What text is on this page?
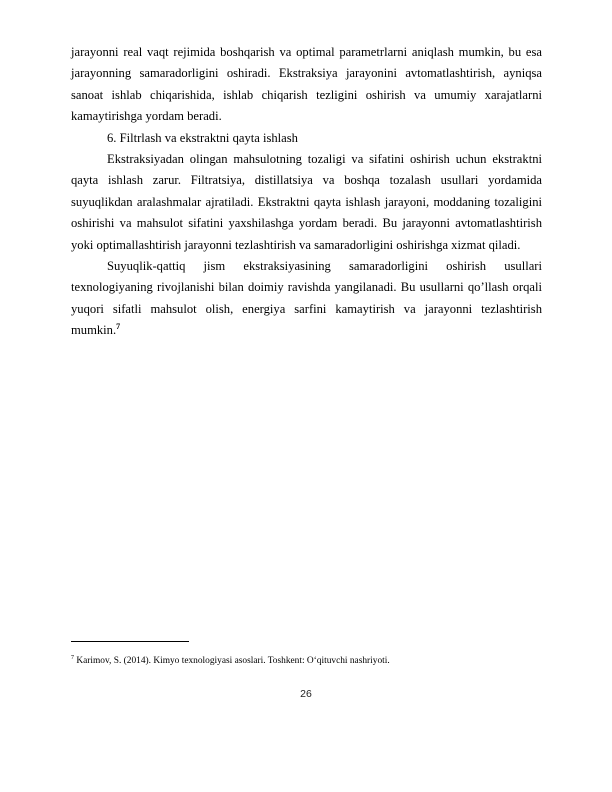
jarayonni real vaqt rejimida boshqarish va optimal parametrlarni aniqlash mumkin, bu esa jarayonning samaradorligini oshiradi. Ekstraksiya jarayonini avtomatlashtirish, ayniqsa sanoat ishlab chiqarishida, ishlab chiqarish tezligini oshirish va umumiy xarajatlarni kamaytirishga yordam beradi.

6. Filtrlash va ekstraktni qayta ishlash

Ekstraksiyadan olingan mahsulotning tozaligi va sifatini oshirish uchun ekstraktni qayta ishlash zarur. Filtratsiya, distillatsiya va boshqa tozalash usullari yordamida suyuqlikdan aralashmalar ajratiladi. Ekstraktni qayta ishlash jarayoni, moddaning tozaligini oshirishi va mahsulot sifatini yaxshilashga yordam beradi. Bu jarayonni avtomatlashtirish yoki optimallashtirish jarayonni tezlashtirish va samaradorligini oshirishga xizmat qiladi.

Suyuqlik-qattiq jism ekstraksiyasining samaradorligini oshirish usullari texnologiyaning rivojlanishi bilan doimiy ravishda yangilanadi. Bu usullarni qo’llash orqali yuqori sifatli mahsulot olish, energiya sarfini kamaytirish va jarayonni tezlashtirish mumkin.$^7$

$^7$ Karimov, S. (2014). Kimyo texnologiyasi asoslari. Toshkent: O‘qituvchi nashriyoti.
26
